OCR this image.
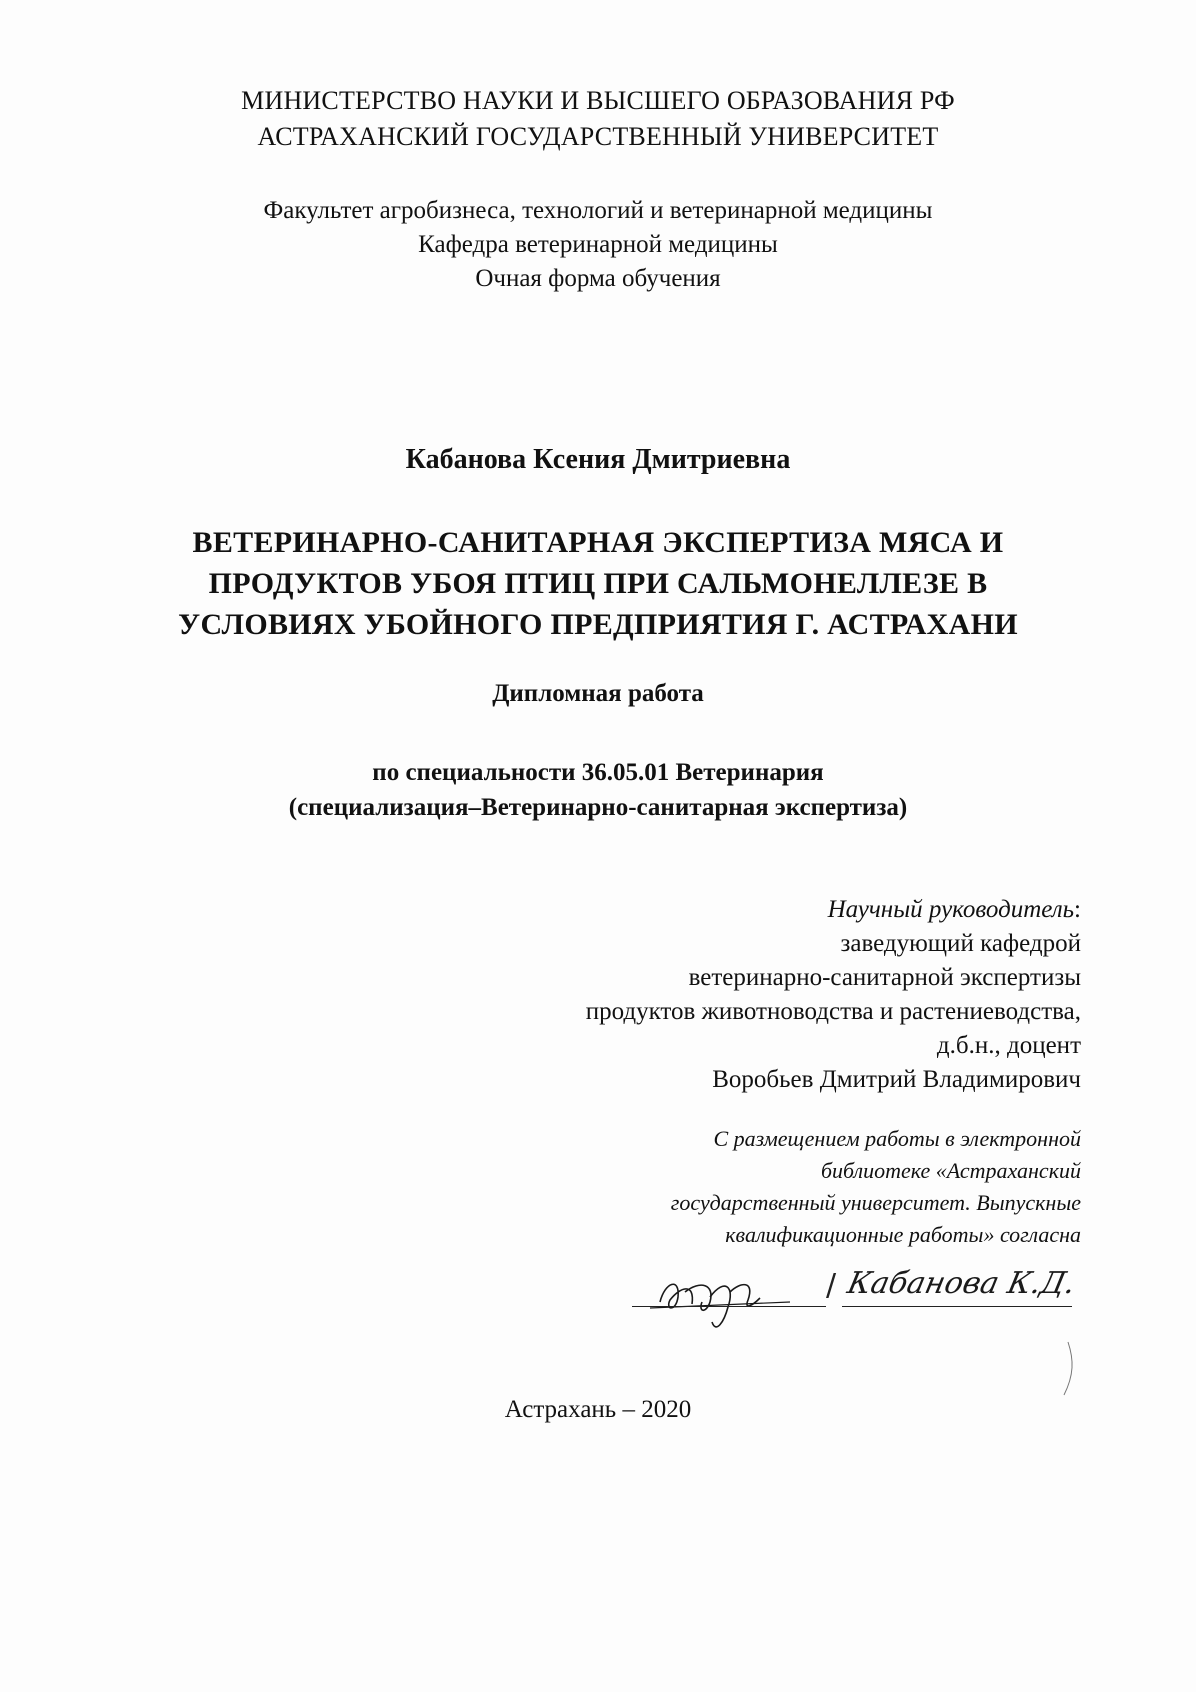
МИНИСТЕРСТВО НАУКИ И ВЫСШЕГО ОБРАЗОВАНИЯ РФ
АСТРАХАНСКИЙ ГОСУДАРСТВЕННЫЙ УНИВЕРСИТЕТ
Факультет агробизнеса, технологий и ветеринарной медицины
Кафедра ветеринарной медицины
Очная форма обучения
Кабанова Ксения Дмитриевна
ВЕТЕРИНАРНО-САНИТАРНАЯ ЭКСПЕРТИЗА МЯСА И
ПРОДУКТОВ УБОЯ ПТИЦ ПРИ САЛЬМОНЕЛЛЕЗЕ В
УСЛОВИЯХ УБОЙНОГО ПРЕДПРИЯТИЯ Г. АСТРАХАНИ
Дипломная работа
по специальности 36.05.01 Ветеринария
(специализация–Ветеринарно-санитарная экспертиза)
Научный руководитель:
заведующий кафедрой
ветеринарно-санитарной экспертизы
продуктов животноводства и растениеводства,
д.б.н., доцент
Воробьев Дмитрий Владимирович
С размещением работы в электронной
библиотеке «Астраханский
государственный университет. Выпускные
квалификационные работы» согласна
/ Кабанова К.Д.
Астрахань – 2020
